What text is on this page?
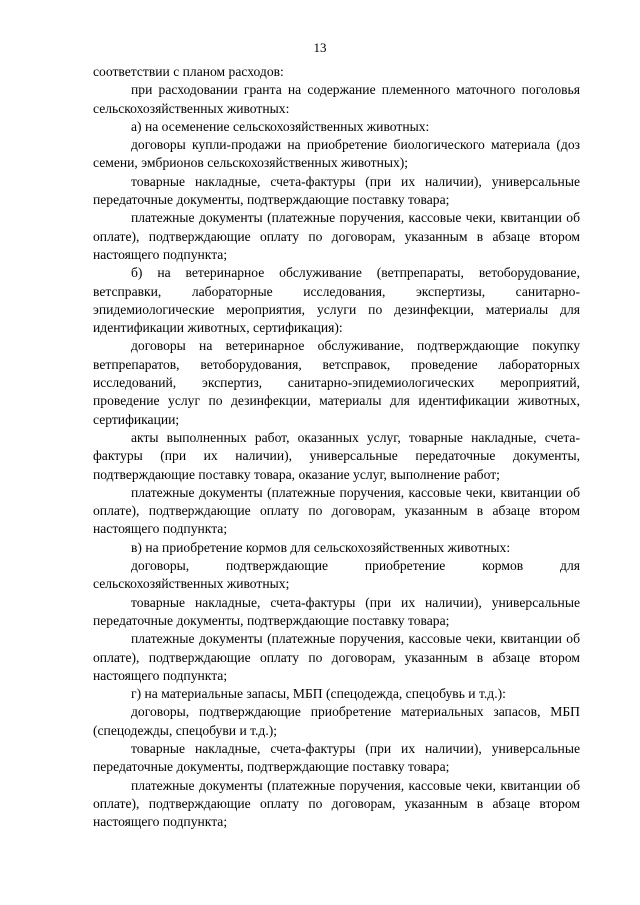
13

соответствии с планом расходов:

при расходовании гранта на содержание племенного маточного поголовья сельскохозяйственных животных:

а) на осеменение сельскохозяйственных животных:

договоры купли-продажи на приобретение биологического материала (доз семени, эмбрионов сельскохозяйственных животных);

товарные накладные, счета-фактуры (при их наличии), универсальные передаточные документы, подтверждающие поставку товара;

платежные документы (платежные поручения, кассовые чеки, квитанции об оплате), подтверждающие оплату по договорам, указанным в абзаце втором настоящего подпункта;

б) на ветеринарное обслуживание (ветпрепараты, ветоборудование, ветсправки, лабораторные исследования, экспертизы, санитарно-эпидемиологические мероприятия, услуги по дезинфекции, материалы для идентификации животных, сертификация):

договоры на ветеринарное обслуживание, подтверждающие покупку ветпрепаратов, ветоборудования, ветсправок, проведение лабораторных исследований, экспертиз, санитарно-эпидемиологических мероприятий, проведение услуг по дезинфекции, материалы для идентификации животных, сертификации;

акты выполненных работ, оказанных услуг, товарные накладные, счета-фактуры (при их наличии), универсальные передаточные документы, подтверждающие поставку товара, оказание услуг, выполнение работ;

платежные документы (платежные поручения, кассовые чеки, квитанции об оплате), подтверждающие оплату по договорам, указанным в абзаце втором настоящего подпункта;

в) на приобретение кормов для сельскохозяйственных животных:

договоры, подтверждающие приобретение кормов для сельскохозяйственных животных;

товарные накладные, счета-фактуры (при их наличии), универсальные передаточные документы, подтверждающие поставку товара;

платежные документы (платежные поручения, кассовые чеки, квитанции об оплате), подтверждающие оплату по договорам, указанным в абзаце втором настоящего подпункта;

г) на материальные запасы, МБП (спецодежда, спецобувь и т.д.):

договоры, подтверждающие приобретение материальных запасов, МБП (спецодежды, спецобуви и т.д.);

товарные накладные, счета-фактуры (при их наличии), универсальные передаточные документы, подтверждающие поставку товара;

платежные документы (платежные поручения, кассовые чеки, квитанции об оплате), подтверждающие оплату по договорам, указанным в абзаце втором настоящего подпункта;
